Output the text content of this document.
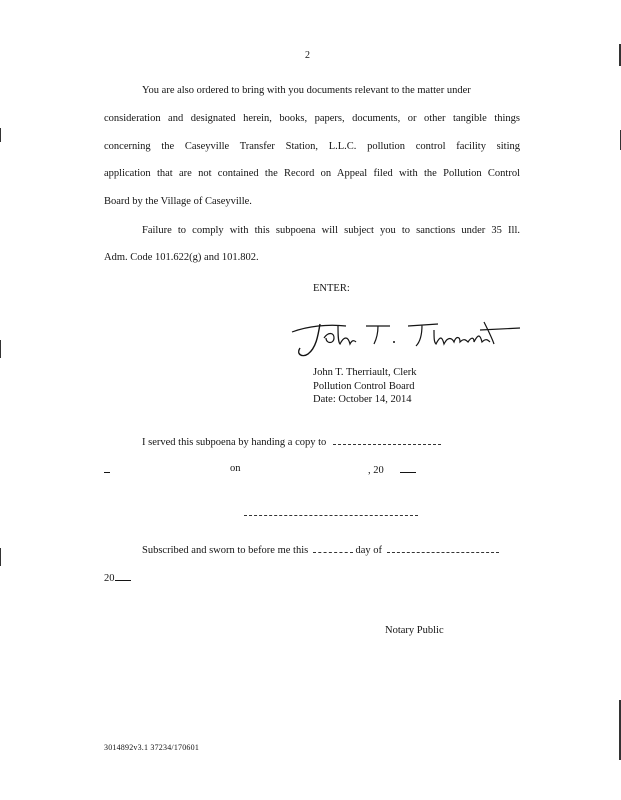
2
You are also ordered to bring with you documents relevant to the matter under
consideration and designated herein, books, papers, documents, or other tangible things
concerning the Caseyville Transfer Station, L.L.C. pollution control facility siting
application that are not contained the Record on Appeal filed with the Pollution Control
Board by the Village of Caseyville.
Failure to comply with this subpoena will subject you to sanctions under 35 Ill.
Adm. Code 101.622(g) and 101.802.
ENTER:
John T. Therriault, Clerk
Pollution Control Board
Date: October 14, 2014
I served this subpoena by handing a copy to
on	, 20
Subscribed and sworn to before me this	day of
20
Notary Public
3014892v3.1 37234/170601
